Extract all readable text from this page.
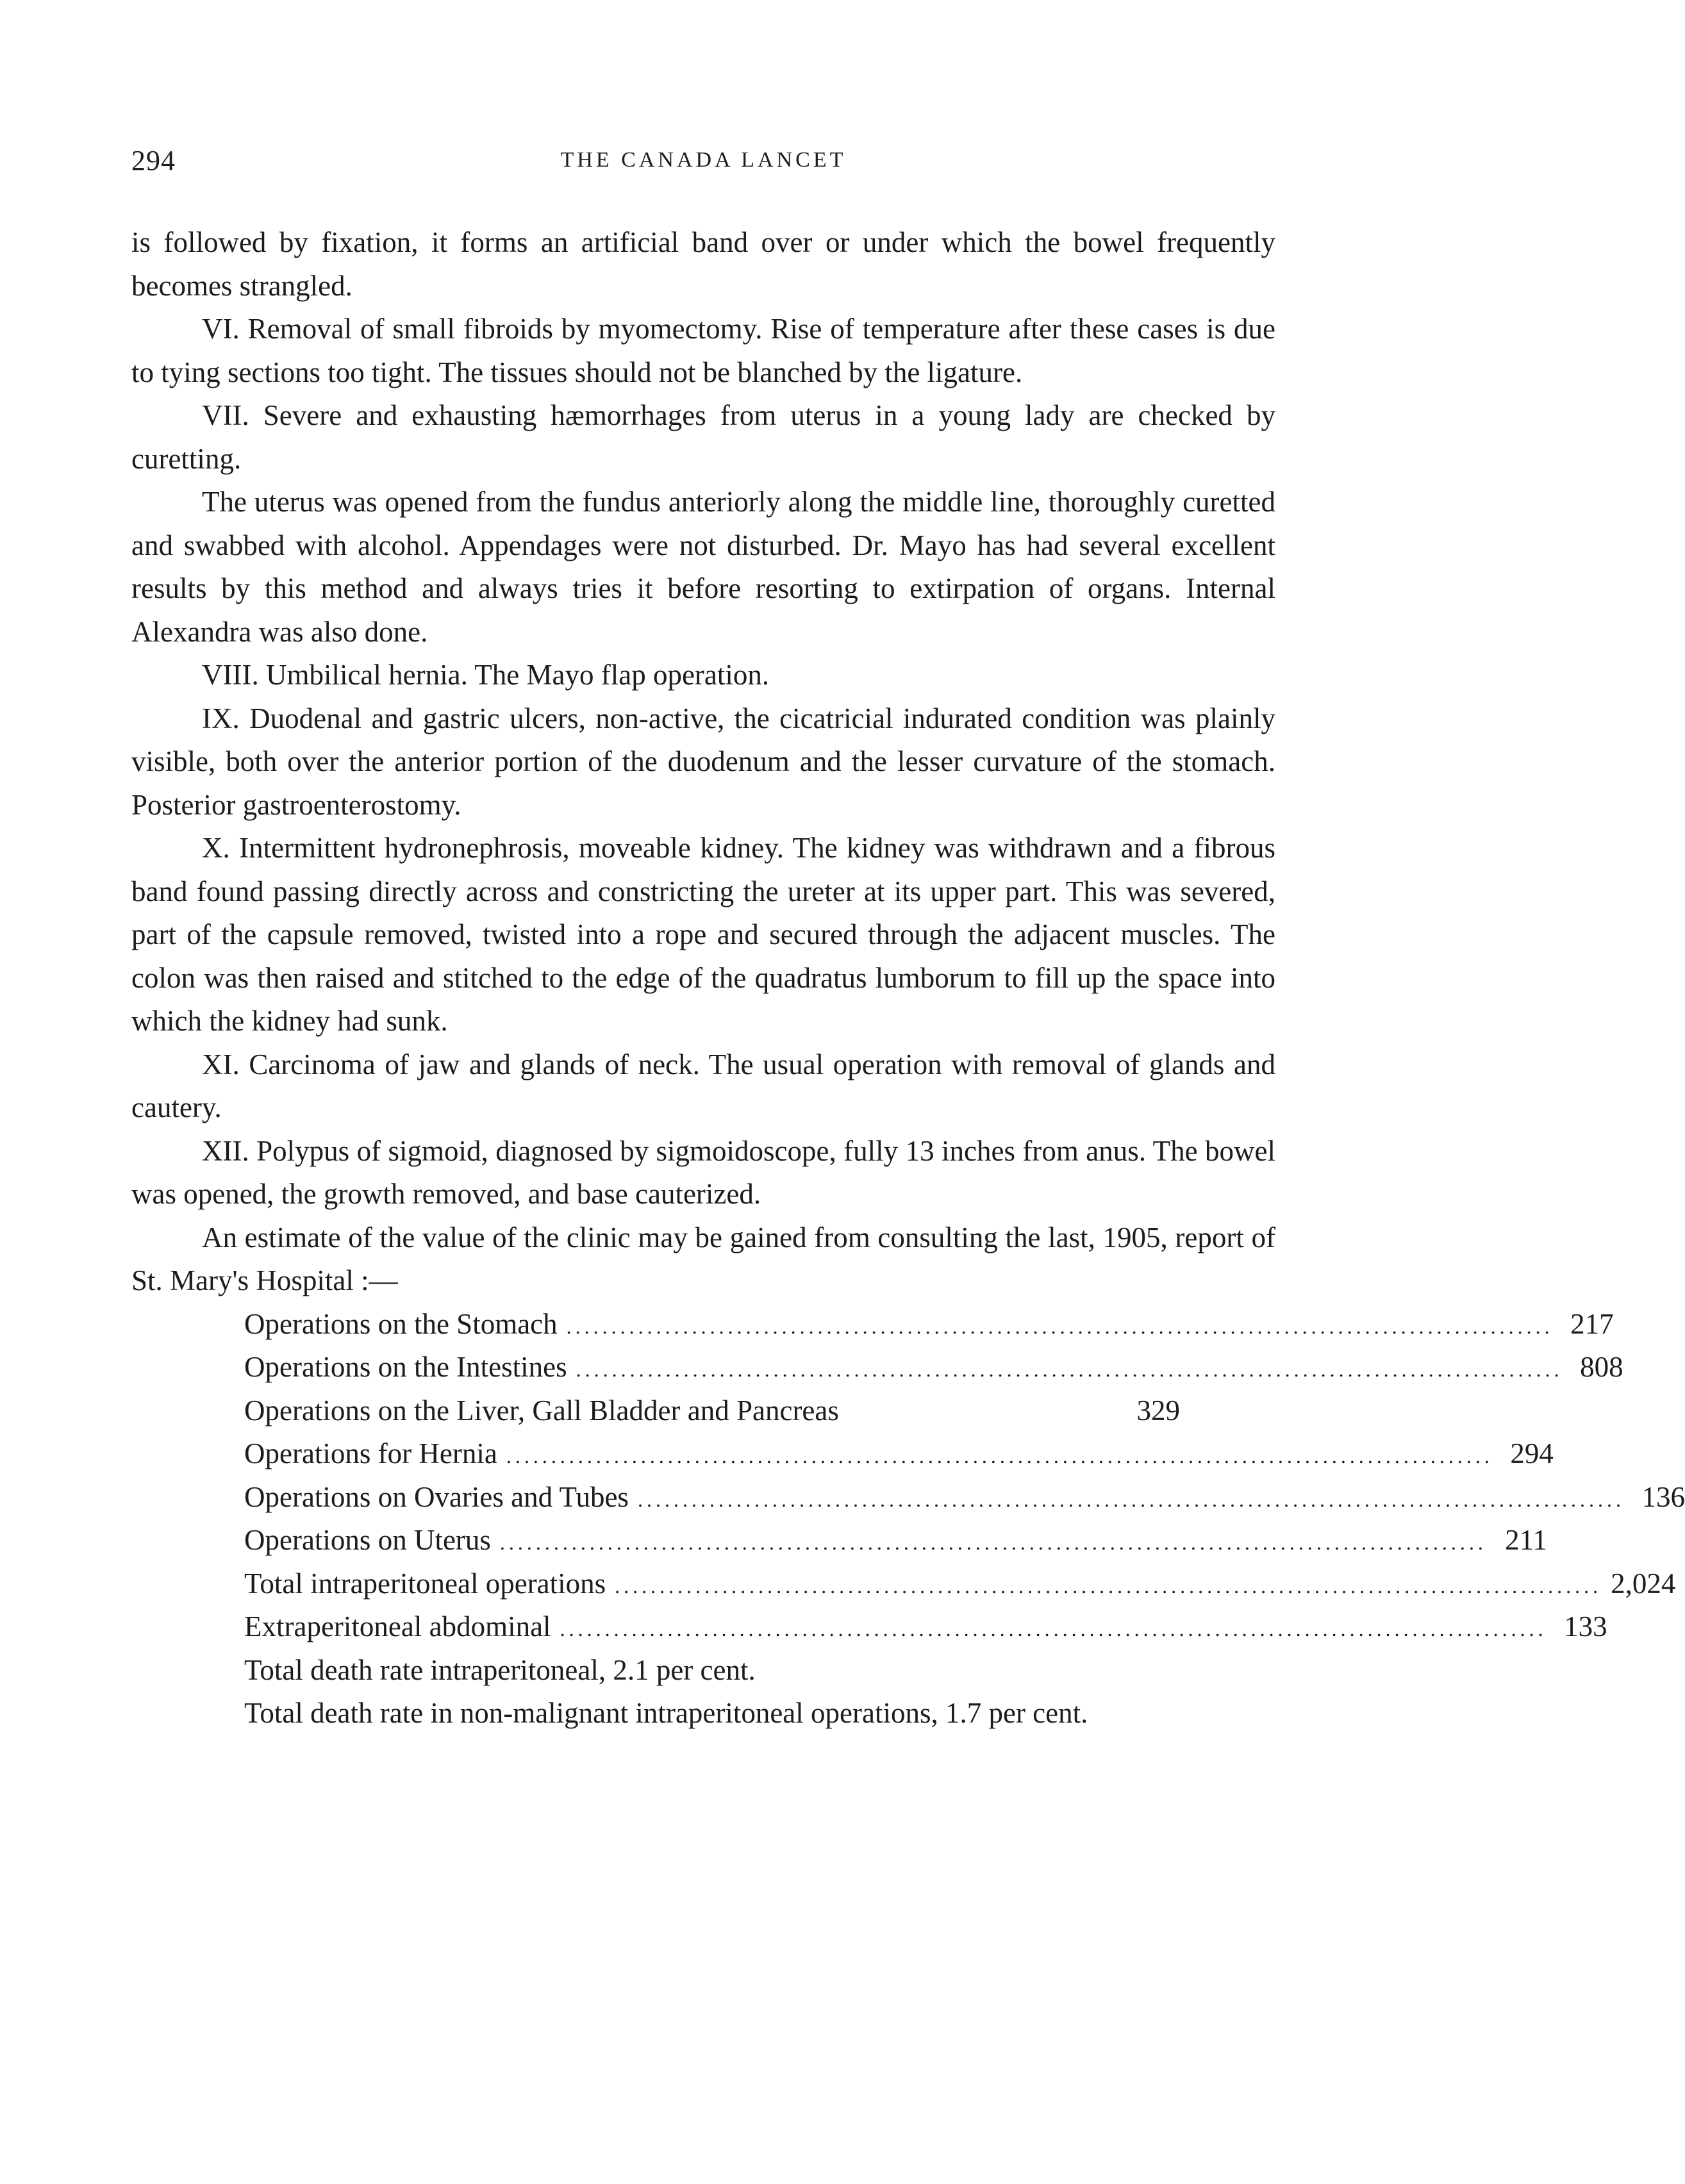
294	THE CANADA LANCET

is followed by fixation, it forms an artificial band over or under which the bowel frequently becomes strangled.

VI. Removal of small fibroids by myomectomy. Rise of temperature after these cases is due to tying sections too tight. The tissues should not be blanched by the ligature.

VII. Severe and exhausting hæmorrhages from uterus in a young lady are checked by curetting.

The uterus was opened from the fundus anteriorly along the middle line, thoroughly curetted and swabbed with alcohol. Appendages were not disturbed. Dr. Mayo has had several excellent results by this method and always tries it before resorting to extirpation of organs. Internal Alexandra was also done.

VIII. Umbilical hernia. The Mayo flap operation.

IX. Duodenal and gastric ulcers, non-active, the cicatricial indurated condition was plainly visible, both over the anterior portion of the duodenum and the lesser curvature of the stomach. Posterior gastroenterostomy.

X. Intermittent hydronephrosis, moveable kidney. The kidney was withdrawn and a fibrous band found passing directly across and constricting the ureter at its upper part. This was severed, part of the capsule removed, twisted into a rope and secured through the adjacent muscles. The colon was then raised and stitched to the edge of the quadratus lumborum to fill up the space into which the kidney had sunk.

XI. Carcinoma of jaw and glands of neck. The usual operation with removal of glands and cautery.

XII. Polypus of sigmoid, diagnosed by sigmoidoscope, fully 13 inches from anus. The bowel was opened, the growth removed, and base cauterized.

An estimate of the value of the clinic may be gained from consulting the last, 1905, report of St. Mary's Hospital :—

Operations on the Stomach .............................................................................................................. 217
Operations on the Intestines .............................................................................................................. 808
Operations on the Liver, Gall Bladder and Pancreas	329
Operations for Hernia .............................................................................................................. 294
Operations on Ovaries and Tubes .............................................................................................................. 136
Operations on Uterus .............................................................................................................. 211
Total intraperitoneal operations .............................................................................................................. 2,024
Extraperitoneal abdominal .............................................................................................................. 133

Total death rate intraperitoneal, 2.1 per cent.

Total death rate in non-malignant intraperitoneal operations, 1.7 per cent.
